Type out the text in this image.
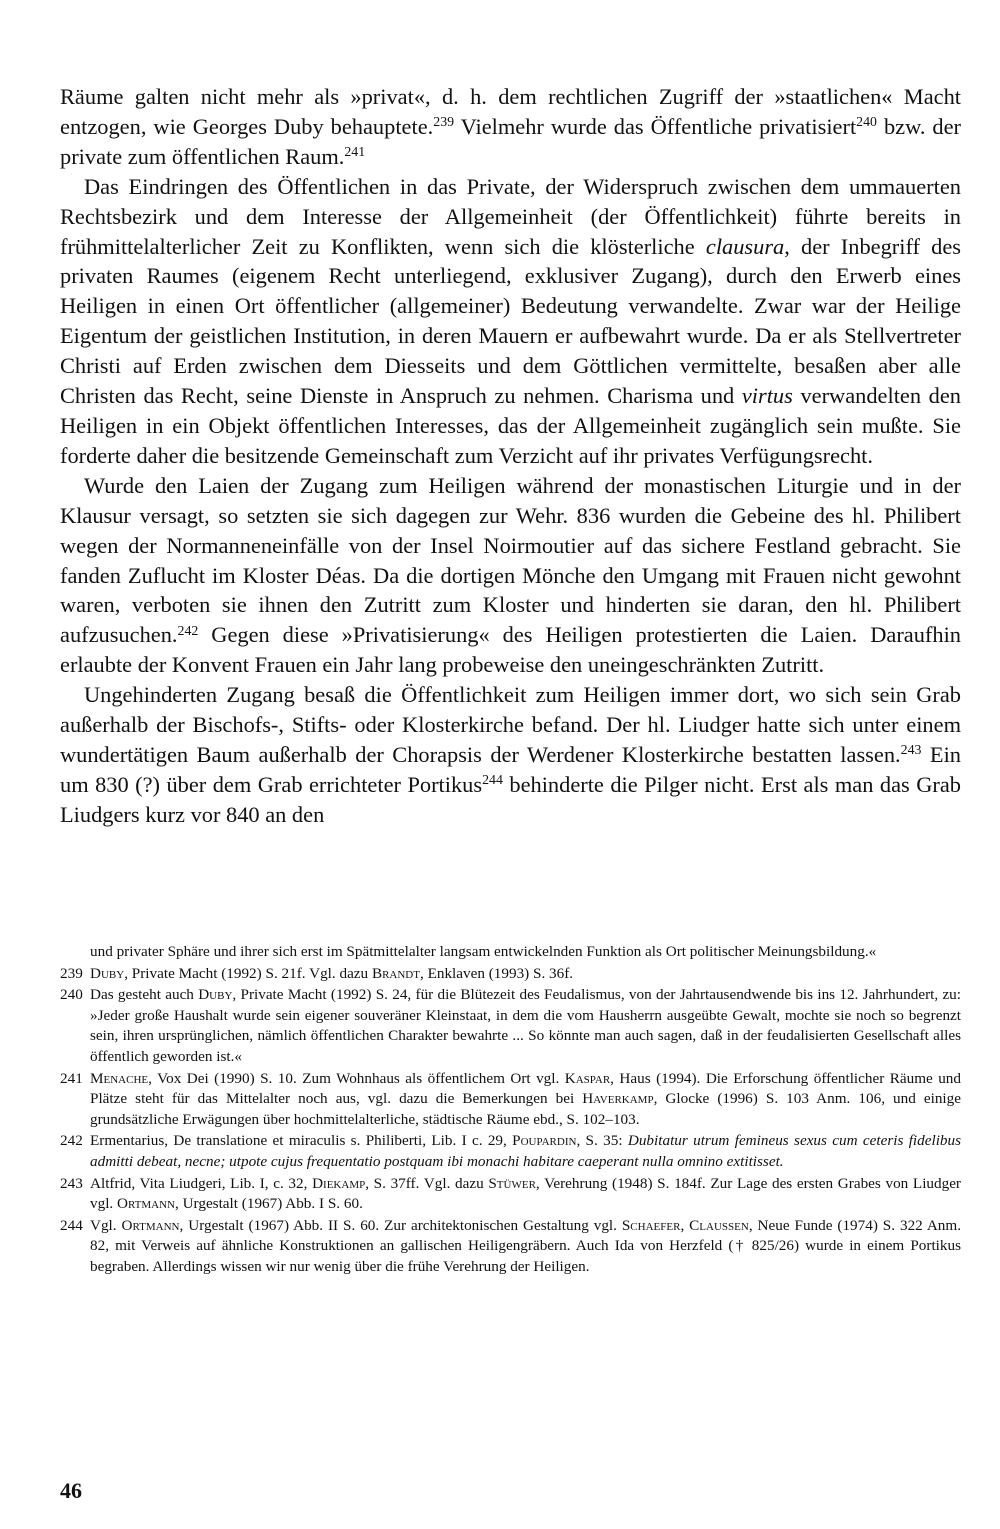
Räume galten nicht mehr als »privat«, d. h. dem rechtlichen Zugriff der »staatlichen« Macht entzogen, wie Georges Duby behauptete.$^{239}$ Vielmehr wurde das Öffentliche privatisiert$^{240}$ bzw. der private zum öffentlichen Raum.$^{241}$

Das Eindringen des Öffentlichen in das Private, der Widerspruch zwischen dem ummauerten Rechtsbezirk und dem Interesse der Allgemeinheit (der Öffentlichkeit) führte bereits in frühmittelalterlicher Zeit zu Konflikten, wenn sich die klösterliche clausura, der Inbegriff des privaten Raumes (eigenem Recht unterliegend, exklusiver Zugang), durch den Erwerb eines Heiligen in einen Ort öffentlicher (allgemeiner) Bedeutung verwandelte. Zwar war der Heilige Eigentum der geistlichen Institution, in deren Mauern er aufbewahrt wurde. Da er als Stellvertreter Christi auf Erden zwischen dem Diesseits und dem Göttlichen vermittelte, besaßen aber alle Christen das Recht, seine Dienste in Anspruch zu nehmen. Charisma und virtus verwandelten den Heiligen in ein Objekt öffentlichen Interesses, das der Allgemeinheit zugänglich sein mußte. Sie forderte daher die besitzende Gemeinschaft zum Verzicht auf ihr privates Verfügungsrecht.

Wurde den Laien der Zugang zum Heiligen während der monastischen Liturgie und in der Klausur versagt, so setzten sie sich dagegen zur Wehr. 836 wurden die Gebeine des hl. Philibert wegen der Normanneneinfälle von der Insel Noirmoutier auf das sichere Festland gebracht. Sie fanden Zuflucht im Kloster Déas. Da die dortigen Mönche den Umgang mit Frauen nicht gewohnt waren, verboten sie ihnen den Zutritt zum Kloster und hinderten sie daran, den hl. Philibert aufzusuchen.$^{242}$ Gegen diese »Privatisierung« des Heiligen protestierten die Laien. Daraufhin erlaubte der Konvent Frauen ein Jahr lang probeweise den uneingeschränkten Zutritt.

Ungehinderten Zugang besaß die Öffentlichkeit zum Heiligen immer dort, wo sich sein Grab außerhalb der Bischofs-, Stifts- oder Klosterkirche befand. Der hl. Liudger hatte sich unter einem wundertätigen Baum außerhalb der Chorapsis der Werdener Klosterkirche bestatten lassen.$^{243}$ Ein um 830 (?) über dem Grab errichteter Portikus$^{244}$ behinderte die Pilger nicht. Erst als man das Grab Liudgers kurz vor 840 an den

und privater Sphäre und ihrer sich erst im Spätmittelalter langsam entwickelnden Funktion als Ort politischer Meinungsbildung.«
239 Duby, Private Macht (1992) S. 21f. Vgl. dazu Brandt, Enklaven (1993) S. 36f.
240 Das gesteht auch Duby, Private Macht (1992) S. 24, für die Blütezeit des Feudalismus, von der Jahrtausendwende bis ins 12. Jahrhundert, zu: »Jeder große Haushalt wurde sein eigener souveräner Kleinstaat, in dem die vom Hausherrn ausgeübte Gewalt, mochte sie noch so begrenzt sein, ihren ursprünglichen, nämlich öffentlichen Charakter bewahrte ... So könnte man auch sagen, daß in der feudalisierten Gesellschaft alles öffentlich geworden ist.«
241 Menache, Vox Dei (1990) S. 10. Zum Wohnhaus als öffentlichem Ort vgl. Kaspar, Haus (1994). Die Erforschung öffentlicher Räume und Plätze steht für das Mittelalter noch aus, vgl. dazu die Bemerkungen bei Haverkamp, Glocke (1996) S. 103 Anm. 106, und einige grundsätzliche Erwägungen über hochmittelalterliche, städtische Räume ebd., S. 102–103.
242 Ermentarius, De translatione et miraculis s. Philiberti, Lib. I c. 29, Poupardin, S. 35: Dubitatur utrum femineus sexus cum ceteris fidelibus admitti debeat, necne; utpote cujus frequentatio postquam ibi monachi habitare caeperant nulla omnino extitisset.
243 Altfrid, Vita Liudgeri, Lib. I, c. 32, Diekamp, S. 37ff. Vgl. dazu Stüwer, Verehrung (1948) S. 184f. Zur Lage des ersten Grabes von Liudger vgl. Ortmann, Urgestalt (1967) Abb. I S. 60.
244 Vgl. Ortmann, Urgestalt (1967) Abb. II S. 60. Zur architektonischen Gestaltung vgl. Schaefer, Claussen, Neue Funde (1974) S. 322 Anm. 82, mit Verweis auf ähnliche Konstruktionen an gallischen Heiligengräbern. Auch Ida von Herzfeld († 825/26) wurde in einem Portikus begraben. Allerdings wissen wir nur wenig über die frühe Verehrung der Heiligen.
46
